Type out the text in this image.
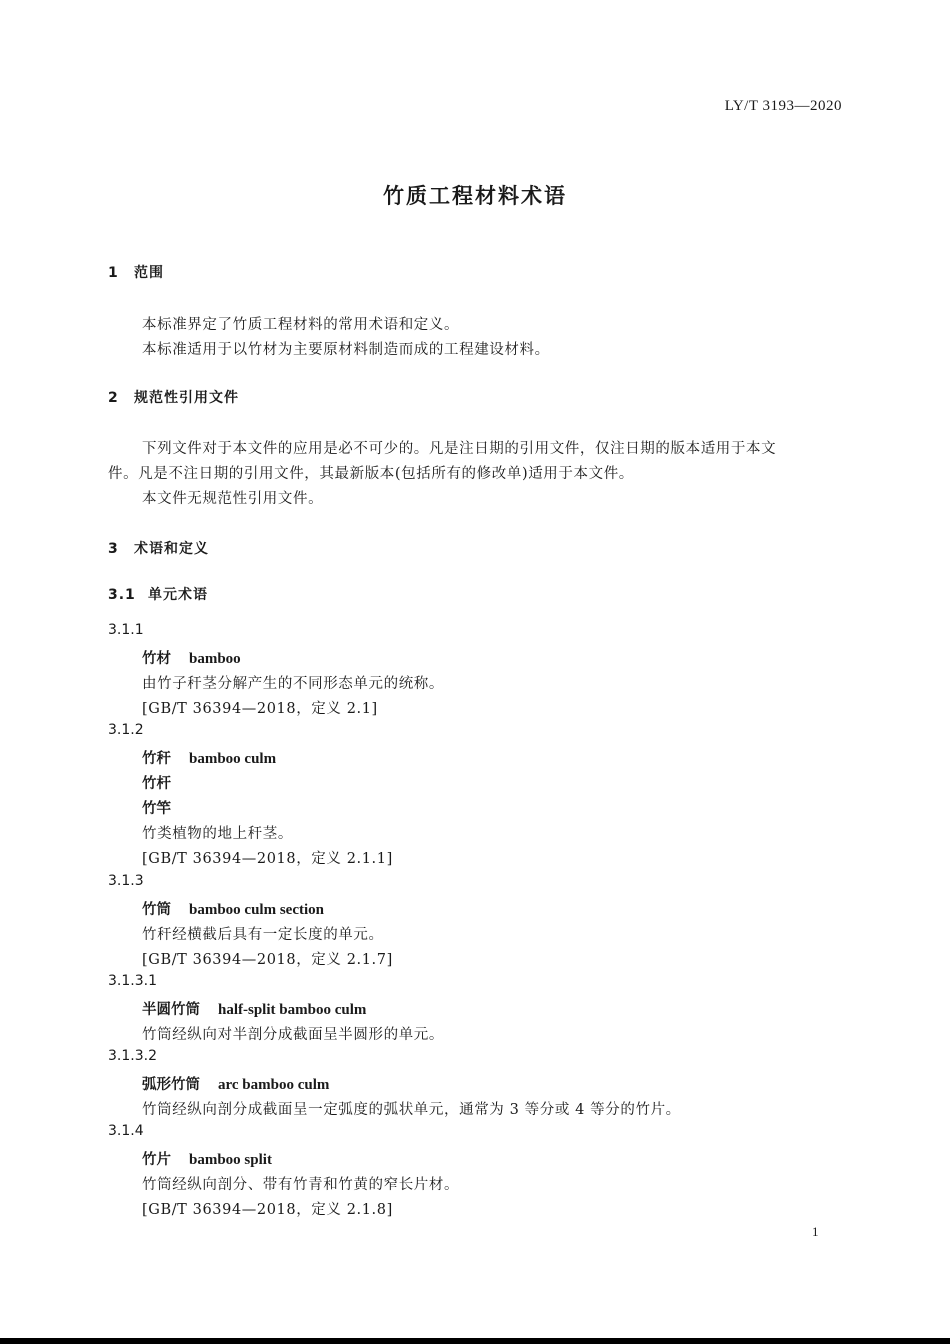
LY/T 3193—2020
竹质工程材料术语
1 范围
本标准界定了竹质工程材料的常用术语和定义。
本标准适用于以竹材为主要原材料制造而成的工程建设材料。
2 规范性引用文件
下列文件对于本文件的应用是必不可少的。凡是注日期的引用文件，仅注日期的版本适用于本文
件。凡是不注日期的引用文件，其最新版本(包括所有的修改单)适用于本文件。
本文件无规范性引用文件。
3 术语和定义
3.1 单元术语
3.1.1
竹材 bamboo
由竹子秆茎分解产生的不同形态单元的统称。
[GB/T 36394—2018，定义 2.1]
3.1.2
竹秆 bamboo culm
竹杆
竹竿
竹类植物的地上秆茎。
[GB/T 36394—2018，定义 2.1.1]
3.1.3
竹筒 bamboo culm section
竹秆经横截后具有一定长度的单元。
[GB/T 36394—2018，定义 2.1.7]
3.1.3.1
半圆竹筒 half-split bamboo culm
竹筒经纵向对半剖分成截面呈半圆形的单元。
3.1.3.2
弧形竹筒 arc bamboo culm
竹筒经纵向剖分成截面呈一定弧度的弧状单元，通常为 3 等分或 4 等分的竹片。
3.1.4
竹片 bamboo split
竹筒经纵向剖分、带有竹青和竹黄的窄长片材。
[GB/T 36394—2018，定义 2.1.8]
1
